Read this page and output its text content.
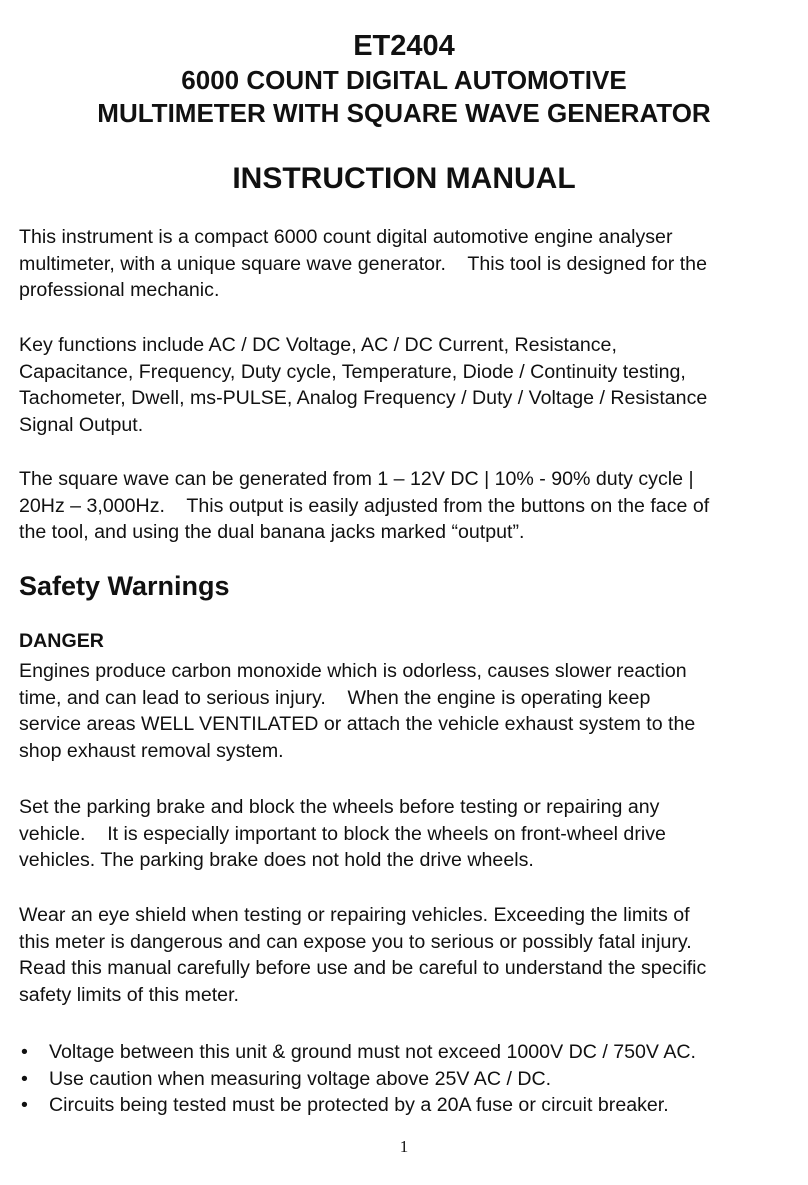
ET2404
6000 COUNT DIGITAL AUTOMOTIVE
MULTIMETER WITH SQUARE WAVE GENERATOR
INSTRUCTION MANUAL

This instrument is a compact 6000 count digital automotive engine analyser
multimeter, with a unique square wave generator.    This tool is designed for the
professional mechanic.

Key functions include AC / DC Voltage, AC / DC Current, Resistance,
Capacitance, Frequency, Duty cycle, Temperature, Diode / Continuity testing,
Tachometer, Dwell, ms-PULSE, Analog Frequency / Duty / Voltage / Resistance
Signal Output.

The square wave can be generated from 1 – 12V DC | 10% - 90% duty cycle |
20Hz – 3,000Hz.    This output is easily adjusted from the buttons on the face of
the tool, and using the dual banana jacks marked “output”.

Safety Warnings
DANGER

Engines produce carbon monoxide which is odorless, causes slower reaction
time, and can lead to serious injury.    When the engine is operating keep
service areas WELL VENTILATED or attach the vehicle exhaust system to the
shop exhaust removal system.

Set the parking brake and block the wheels before testing or repairing any
vehicle.    It is especially important to block the wheels on front-wheel drive
vehicles. The parking brake does not hold the drive wheels.

Wear an eye shield when testing or repairing vehicles. Exceeding the limits of
this meter is dangerous and can expose you to serious or possibly fatal injury.
Read this manual carefully before use and be careful to understand the specific
safety limits of this meter.

• Voltage between this unit & ground must not exceed 1000V DC / 750V AC.
• Use caution when measuring voltage above 25V AC / DC.
• Circuits being tested must be protected by a 20A fuse or circuit breaker.
1
